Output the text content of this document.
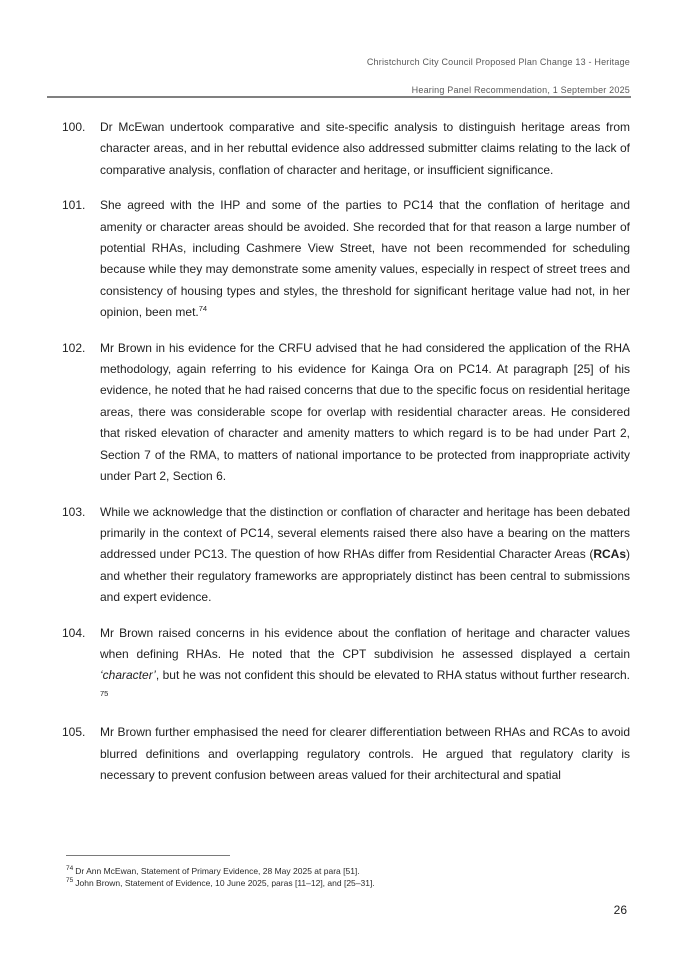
Christchurch City Council Proposed Plan Change 13 - Heritage
Hearing Panel Recommendation, 1 September 2025
100.	Dr McEwan undertook comparative and site-specific analysis to distinguish heritage areas from character areas, and in her rebuttal evidence also addressed submitter claims relating to the lack of comparative analysis, conflation of character and heritage, or insufficient significance.
101.	She agreed with the IHP and some of the parties to PC14 that the conflation of heritage and amenity or character areas should be avoided. She recorded that for that reason a large number of potential RHAs, including Cashmere View Street, have not been recommended for scheduling because while they may demonstrate some amenity values, especially in respect of street trees and consistency of housing types and styles, the threshold for significant heritage value had not, in her opinion, been met.$^{74}$
102.	Mr Brown in his evidence for the CRFU advised that he had considered the application of the RHA methodology, again referring to his evidence for Kainga Ora on PC14. At paragraph [25] of his evidence, he noted that he had raised concerns that due to the specific focus on residential heritage areas, there was considerable scope for overlap with residential character areas. He considered that risked elevation of character and amenity matters to which regard is to be had under Part 2, Section 7 of the RMA, to matters of national importance to be protected from inappropriate activity under Part 2, Section 6.
103.	While we acknowledge that the distinction or conflation of character and heritage has been debated primarily in the context of PC14, several elements raised there also have a bearing on the matters addressed under PC13. The question of how RHAs differ from Residential Character Areas (RCAs) and whether their regulatory frameworks are appropriately distinct has been central to submissions and expert evidence.
104.	Mr Brown raised concerns in his evidence about the conflation of heritage and character values when defining RHAs. He noted that the CPT subdivision he assessed displayed a certain ‘character’, but he was not confident this should be elevated to RHA status without further research. $^{75}$
105.	Mr Brown further emphasised the need for clearer differentiation between RHAs and RCAs to avoid blurred definitions and overlapping regulatory controls. He argued that regulatory clarity is necessary to prevent confusion between areas valued for their architectural and spatial
$^{74}$ Dr Ann McEwan, Statement of Primary Evidence, 28 May 2025 at para [51].
$^{75}$ John Brown, Statement of Evidence, 10 June 2025, paras [11–12], and [25–31].
26
